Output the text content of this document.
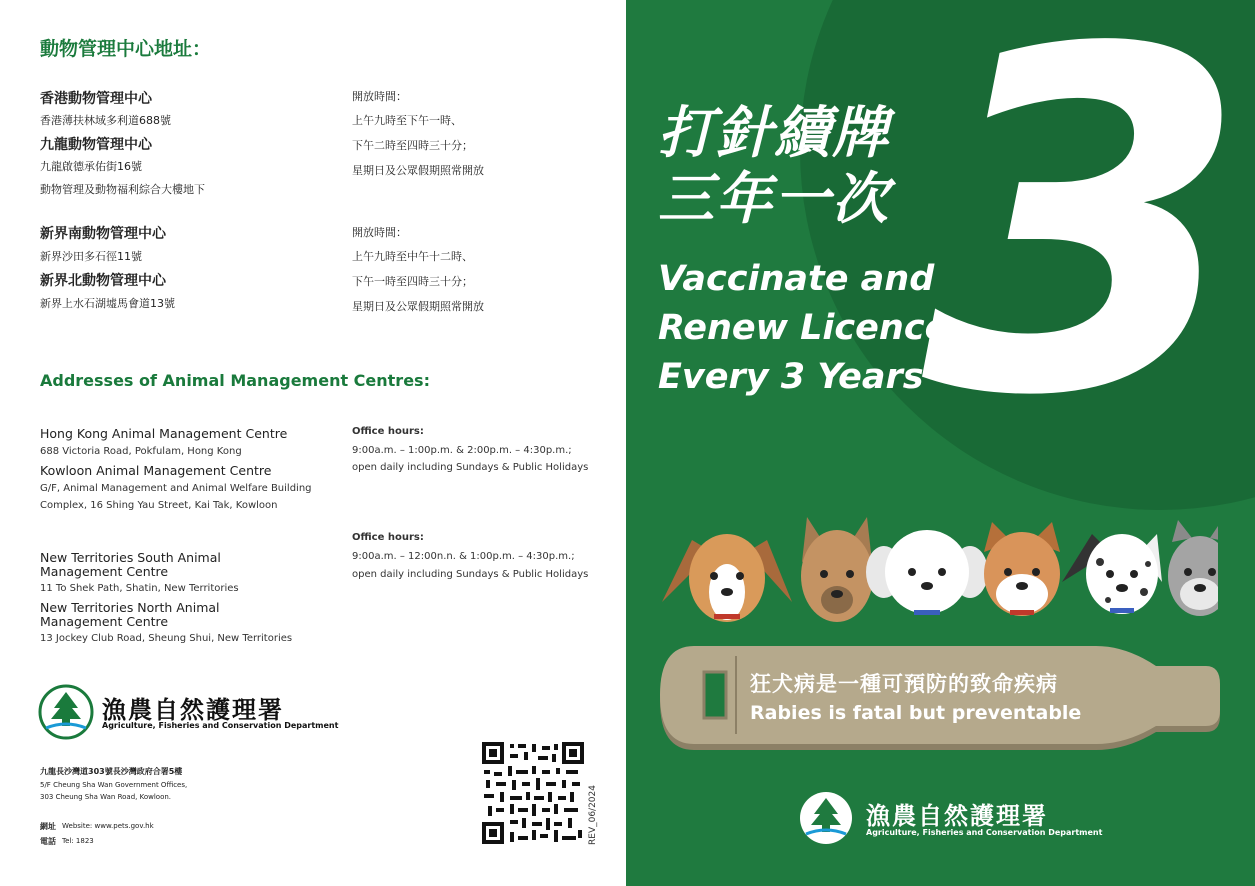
動物管理中心地址：
香港動物管理中心
香港薄扶林域多利道688號
九龍動物管理中心
九龍啟德承佑街16號
動物管理及動物福利綜合大樓地下
開放時間：
上午九時至下午一時、
下午二時至四時三十分；
星期日及公眾假期照常開放
新界南動物管理中心
新界沙田多石徑11號
新界北動物管理中心
新界上水石湖墟馬會道13號
開放時間：
上午九時至中午十二時、
下午一時至四時三十分；
星期日及公眾假期照常開放
Addresses of Animal Management Centres:
Hong Kong Animal Management Centre
688 Victoria Road, Pokfulam, Hong Kong
Kowloon Animal Management Centre
G/F, Animal Management and Animal Welfare Building
Complex, 16 Shing Yau Street, Kai Tak, Kowloon
Office hours:
9:00a.m. – 1:00p.m. & 2:00p.m. – 4:30p.m.;
open daily including Sundays & Public Holidays
New Territories South Animal
Management Centre
11 To Shek Path, Shatin, New Territories
New Territories North Animal
Management Centre
13 Jockey Club Road, Sheung Shui, New Territories
Office hours:
9:00a.m. – 12:00n.n. & 1:00p.m. – 4:30p.m.;
open daily including Sundays & Public Holidays
漁農自然護理署
Agriculture, Fisheries and Conservation Department
九龍長沙灣道303號長沙灣政府合署5樓
5/F Cheung Sha Wan Government Offices,
303 Cheung Sha Wan Road, Kowloon.
網址 Website: www.pets.gov.hk
電話 Tel: 1823	REV_06/2024
3
打針續牌
三年一次
Vaccinate and
Renew Licence
Every 3 Years
狂犬病是一種可預防的致命疾病
Rabies is fatal but preventable
漁農自然護理署
Agriculture, Fisheries and Conservation Department
